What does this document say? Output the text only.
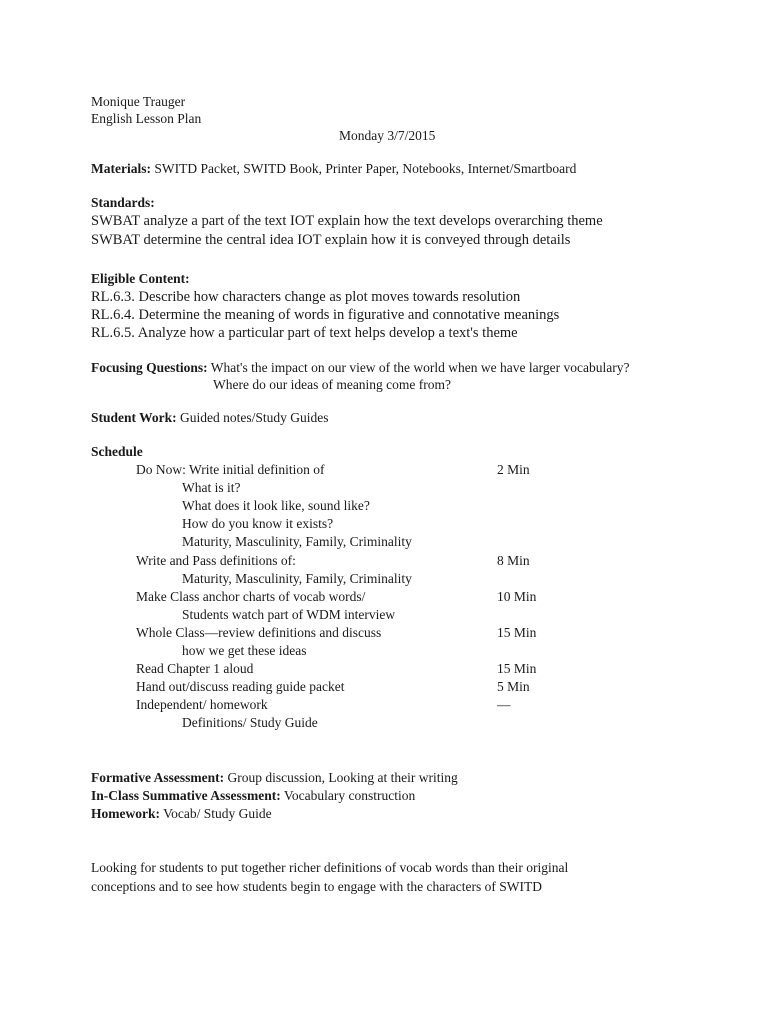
Monique Trauger
English Lesson Plan
Monday 3/7/2015
Materials: SWITD Packet, SWITD Book, Printer Paper, Notebooks, Internet/Smartboard
Standards:
SWBAT analyze a part of the text IOT explain how the text develops overarching theme
SWBAT determine the central idea IOT explain how it is conveyed through details
Eligible Content:
RL.6.3. Describe how characters change as plot moves towards resolution
RL.6.4. Determine the meaning of words in figurative and connotative meanings
RL.6.5. Analyze how a particular part of text helps develop a text's theme
Focusing Questions: What's the impact on our view of the world when we have larger vocabulary?
Where do our ideas of meaning come from?
Student Work: Guided notes/Study Guides
Schedule
Do Now: Write initial definition of	2 Min
What is it?
What does it look like, sound like?
How do you know it exists?
Maturity, Masculinity, Family, Criminality
Write and Pass definitions of:	8 Min
Maturity, Masculinity, Family, Criminality
Make Class anchor charts of vocab words/	10 Min
Students watch part of WDM interview
Whole Class—review definitions and discuss	15 Min
how we get these ideas
Read Chapter 1 aloud	15 Min
Hand out/discuss reading guide packet	5 Min
Independent/ homework	—
Definitions/ Study Guide
Formative Assessment: Group discussion, Looking at their writing
In-Class Summative Assessment: Vocabulary construction
Homework: Vocab/ Study Guide
Looking for students to put together richer definitions of vocab words than their original
conceptions and to see how students begin to engage with the characters of SWITD
